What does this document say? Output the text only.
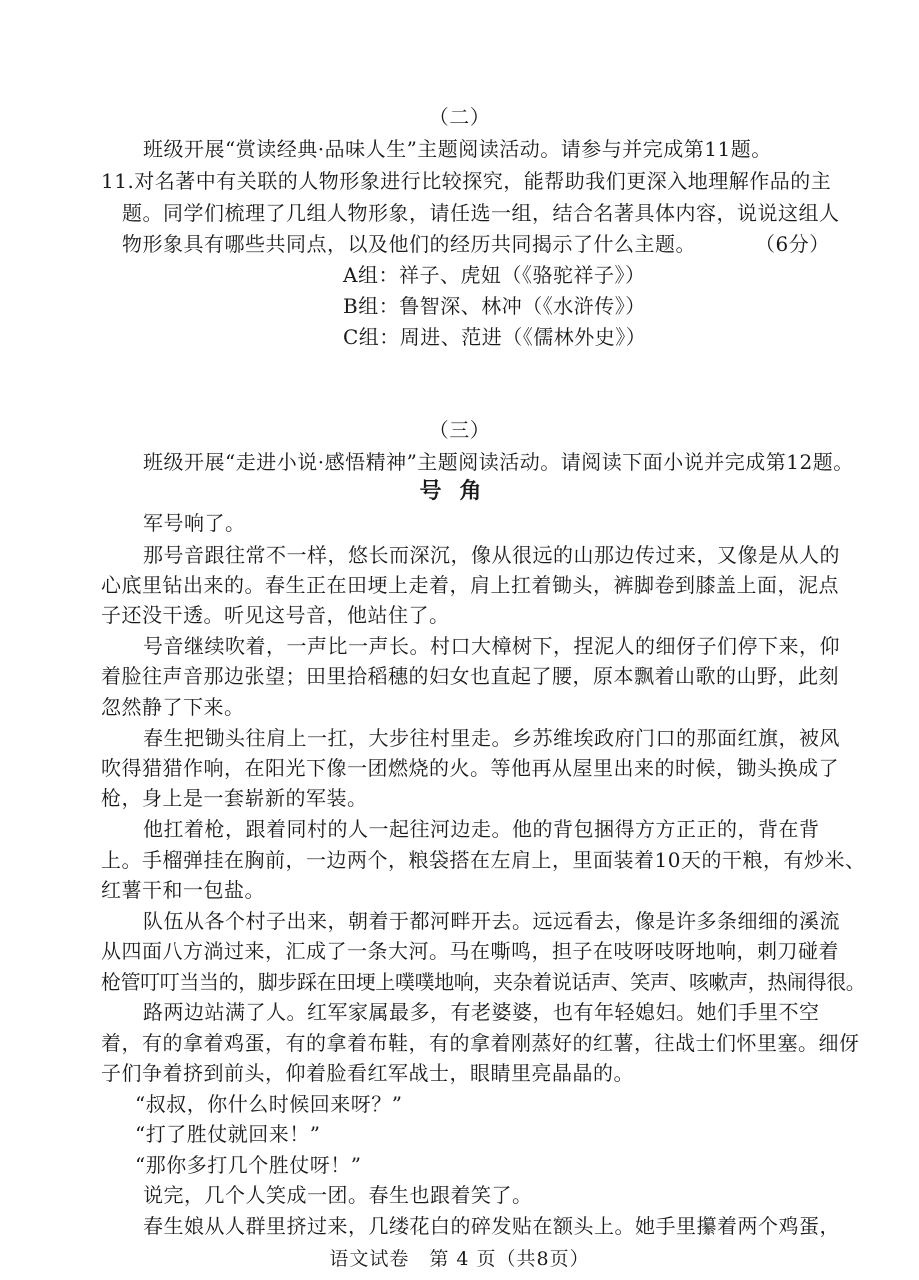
（二）
班级开展“赏读经典·品味人生”主题阅读活动。请参与并完成第11题。
11.对名著中有关联的人物形象进行比较探究，能帮助我们更深入地理解作品的主
题。同学们梳理了几组人物形象，请任选一组，结合名著具体内容，说说这组人
物形象具有哪些共同点，以及他们的经历共同揭示了什么主题。	（6分）
A组：祥子、虎妞（《骆驼祥子》）
B组：鲁智深、林冲（《水浒传》）
C组：周进、范进（《儒林外史》）
（三）
班级开展“走进小说·感悟精神”主题阅读活动。请阅读下面小说并完成第12题。
号角
军号响了。
那号音跟往常不一样，悠长而深沉，像从很远的山那边传过来，又像是从人的
心底里钻出来的。春生正在田埂上走着，肩上扛着锄头，裤脚卷到膝盖上面，泥点
子还没干透。听见这号音，他站住了。
号音继续吹着，一声比一声长。村口大樟树下，捏泥人的细伢子们停下来，仰
着脸往声音那边张望；田里拾稻穗的妇女也直起了腰，原本飘着山歌的山野，此刻
忽然静了下来。
春生把锄头往肩上一扛，大步往村里走。乡苏维埃政府门口的那面红旗，被风
吹得猎猎作响，在阳光下像一团燃烧的火。等他再从屋里出来的时候，锄头换成了
枪，身上是一套崭新的军装。
他扛着枪，跟着同村的人一起往河边走。他的背包捆得方方正正的，背在背
上。手榴弹挂在胸前，一边两个，粮袋搭在左肩上，里面装着10天的干粮，有炒米、
红薯干和一包盐。
队伍从各个村子出来，朝着于都河畔开去。远远看去，像是许多条细细的溪流
从四面八方淌过来，汇成了一条大河。马在嘶鸣，担子在吱呀吱呀地响，刺刀碰着
枪管叮叮当当的，脚步踩在田埂上噗噗地响，夹杂着说话声、笑声、咳嗽声，热闹得很。
路两边站满了人。红军家属最多，有老婆婆，也有年轻媳妇。她们手里不空
着，有的拿着鸡蛋，有的拿着布鞋，有的拿着刚蒸好的红薯，往战士们怀里塞。细伢
子们争着挤到前头，仰着脸看红军战士，眼睛里亮晶晶的。
“叔叔，你什么时候回来呀？”
“打了胜仗就回来！”
“那你多打几个胜仗呀！”
说完，几个人笑成一团。春生也跟着笑了。
春生娘从人群里挤过来，几缕花白的碎发贴在额头上。她手里攥着两个鸡蛋，
语文试卷　第 4 页（共8页）
